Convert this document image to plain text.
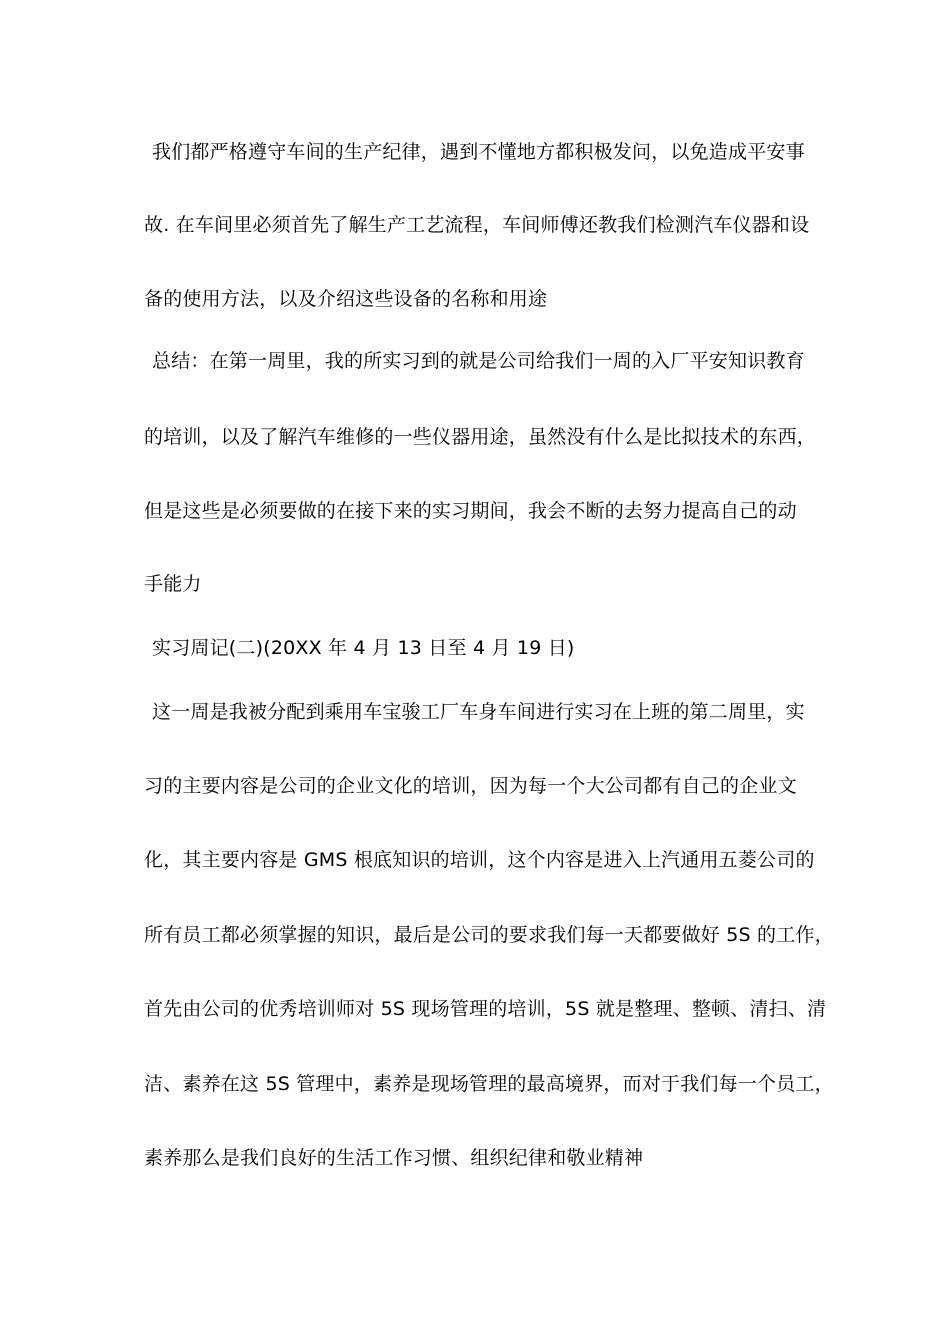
我们都严格遵守车间的生产纪律，遇到不懂地方都积极发问，以免造成平安事
故. 在车间里必须首先了解生产工艺流程，车间师傅还教我们检测汽车仪器和设
备的使用方法，以及介绍这些设备的名称和用途
总结：在第一周里，我的所实习到的就是公司给我们一周的入厂平安知识教育
的培训，以及了解汽车维修的一些仪器用途，虽然没有什么是比拟技术的东西，
但是这些是必须要做的在接下来的实习期间，我会不断的去努力提高自己的动
手能力
实习周记(二)(20XX 年 4 月 13 日至 4 月 19 日)
这一周是我被分配到乘用车宝骏工厂车身车间进行实习在上班的第二周里，实
习的主要内容是公司的企业文化的培训，因为每一个大公司都有自己的企业文
化，其主要内容是 GMS 根底知识的培训，这个内容是进入上汽通用五菱公司的
所有员工都必须掌握的知识，最后是公司的要求我们每一天都要做好 5S 的工作，
首先由公司的优秀培训师对 5S 现场管理的培训，5S 就是整理、整顿、清扫、清
洁、素养在这 5S 管理中，素养是现场管理的最高境界，而对于我们每一个员工，
素养那么是我们良好的生活工作习惯、组织纪律和敬业精神
